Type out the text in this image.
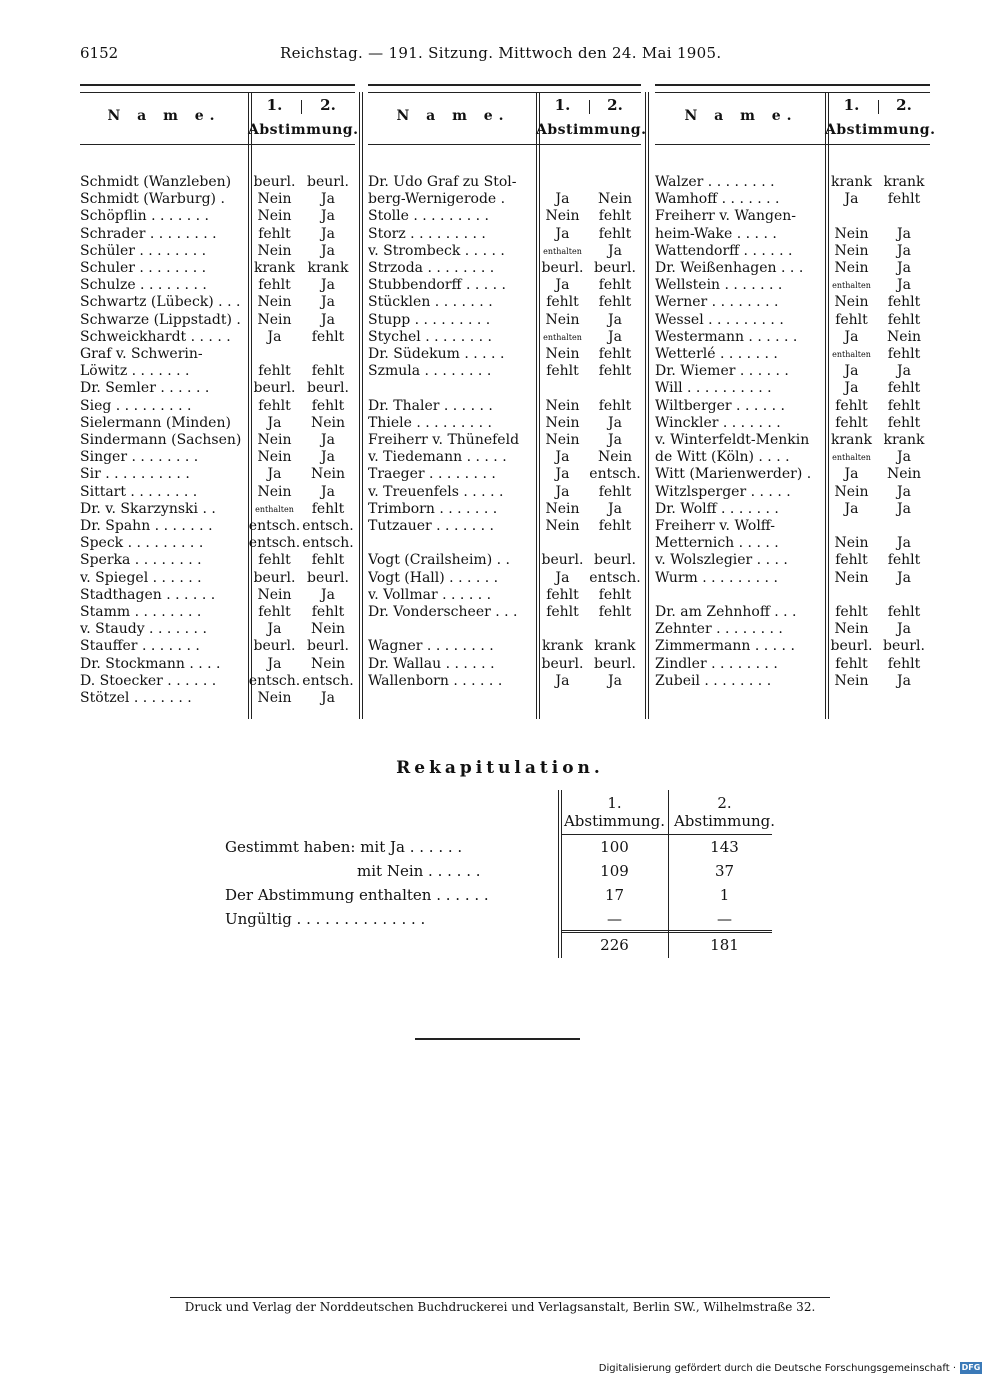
6152	Reichstag. — 191. Sitzung. Mittwoch den 24. Mai 1905.
N a m e.
1.	2.
Abstimmung.
Schmidt (Wanzleben)	beurl. beurl.
Schmidt (Warburg) .	Nein	Ja
Schöpflin . . . . . . .	Nein	Ja
Schrader . . . . . . . .	fehlt	Ja
Schüler . . . . . . . .	Nein	Ja
Schuler . . . . . . . .	krank krank
Schulze . . . . . . . .	fehlt	Ja
Schwartz (Lübeck) . . .	Nein	Ja
Schwarze (Lippstadt) .	Nein	Ja
Schweickhardt . . . . .	Ja	fehlt
Graf v. Schwerin-
Löwitz . . . . . . .	fehlt	fehlt
Dr. Semler . . . . . .	beurl. beurl.
Sieg . . . . . . . . .	fehlt	fehlt
Sielermann (Minden)	Ja	Nein
Sindermann (Sachsen)	Nein	Ja
Singer . . . . . . . .	Nein	Ja
Sir . . . . . . . . . .	Ja	Nein
Sittart . . . . . . . .	Nein	Ja
Dr. v. Skarzynski . .	enthalten	fehlt
Dr. Spahn . . . . . . .	entsch. entsch.
Speck . . . . . . . . .	entsch. entsch.
Sperka . . . . . . . .	fehlt	fehlt
v. Spiegel . . . . . .	beurl. beurl.
Stadthagen . . . . . .	Nein	Ja
Stamm . . . . . . . .	fehlt	fehlt
v. Staudy . . . . . . .	Ja	Nein
Stauffer . . . . . . .	beurl. beurl.
Dr. Stockmann . . . .	Ja	Nein
D. Stoecker . . . . . .	entsch. entsch.
Stötzel . . . . . . .	Nein	Ja
N a m e.
1.	2.
Abstimmung.
Dr. Udo Graf zu Stol-
berg-Wernigerode .	Ja	Nein
Stolle . . . . . . . . .	Nein	fehlt
Storz . . . . . . . . .	Ja	fehlt
v. Strombeck . . . . .	enthalten	Ja
Strzoda . . . . . . . .	beurl. beurl.
Stubbendorff . . . . .	Ja	fehlt
Stücklen . . . . . . .	fehlt	fehlt
Stupp . . . . . . . . .	Nein	Ja
Stychel . . . . . . . .	enthalten	Ja
Dr. Südekum . . . . .	Nein	fehlt
Szmula . . . . . . . .	fehlt	fehlt
Dr. Thaler . . . . . .	Nein	fehlt
Thiele . . . . . . . . .	Nein	Ja
Freiherr v. Thünefeld	Nein	Ja
v. Tiedemann . . . . .	Ja	Nein
Traeger . . . . . . . .	Ja	entsch.
v. Treuenfels . . . . .	Ja	fehlt
Trimborn . . . . . . .	Nein	Ja
Tutzauer . . . . . . .	Nein	fehlt
Vogt (Crailsheim) . .	beurl. beurl.
Vogt (Hall) . . . . . .	Ja	entsch.
v. Vollmar . . . . . .	fehlt	fehlt
Dr. Vonderscheer . . .	fehlt	fehlt
Wagner . . . . . . . .	krank krank
Dr. Wallau . . . . . .	beurl. beurl.
Wallenborn . . . . . .	Ja	Ja
N a m e.
1.	2.
Abstimmung.
Walzer . . . . . . . .	krank krank
Wamhoff . . . . . . .	Ja	fehlt
Freiherr v. Wangen-
heim-Wake . . . . .	Nein	Ja
Wattendorff . . . . . .	Nein	Ja
Dr. Weißenhagen . . .	Nein	Ja
Wellstein . . . . . . .	enthalten	Ja
Werner . . . . . . . .	Nein	fehlt
Wessel . . . . . . . . .	fehlt	fehlt
Westermann . . . . . .	Ja	Nein
Wetterlé . . . . . . .	enthalten	fehlt
Dr. Wiemer . . . . . .	Ja	Ja
Will . . . . . . . . . .	Ja	fehlt
Wiltberger . . . . . .	fehlt	fehlt
Winckler . . . . . . .	fehlt	fehlt
v. Winterfeldt-Menkin	krank krank
de Witt (Köln) . . . .	enthalten	Ja
Witt (Marienwerder) .	Ja	Nein
Witzlsperger . . . . .	Nein	Ja
Dr. Wolff . . . . . . .	Ja	Ja
Freiherr v. Wolff-
Metternich . . . . .	Nein	Ja
v. Wolszlegier . . . .	fehlt	fehlt
Wurm . . . . . . . . .	Nein	Ja
Dr. am Zehnhoff . . .	fehlt	fehlt
Zehnter . . . . . . . .	Nein	Ja
Zimmermann . . . . .	beurl. beurl.
Zindler . . . . . . . .	fehlt	fehlt
Zubeil . . . . . . . .	Nein	Ja
Rekapitulation.
1.
Abstimmung.
2.
Abstimmung.
Gestimmt haben: mit Ja . . . . . .	100	143
mit Nein . . . . . .	109	37
Der Abstimmung enthalten . . . . . .	17	1
Ungültig . . . . . . . . . . . . . .	—	—
226	181
Druck und Verlag der Norddeutschen Buchdruckerei und Verlagsanstalt, Berlin SW., Wilhelmstraße 32.
Digitalisierung gefördert durch die Deutsche Forschungsgemeinschaft · DFG
